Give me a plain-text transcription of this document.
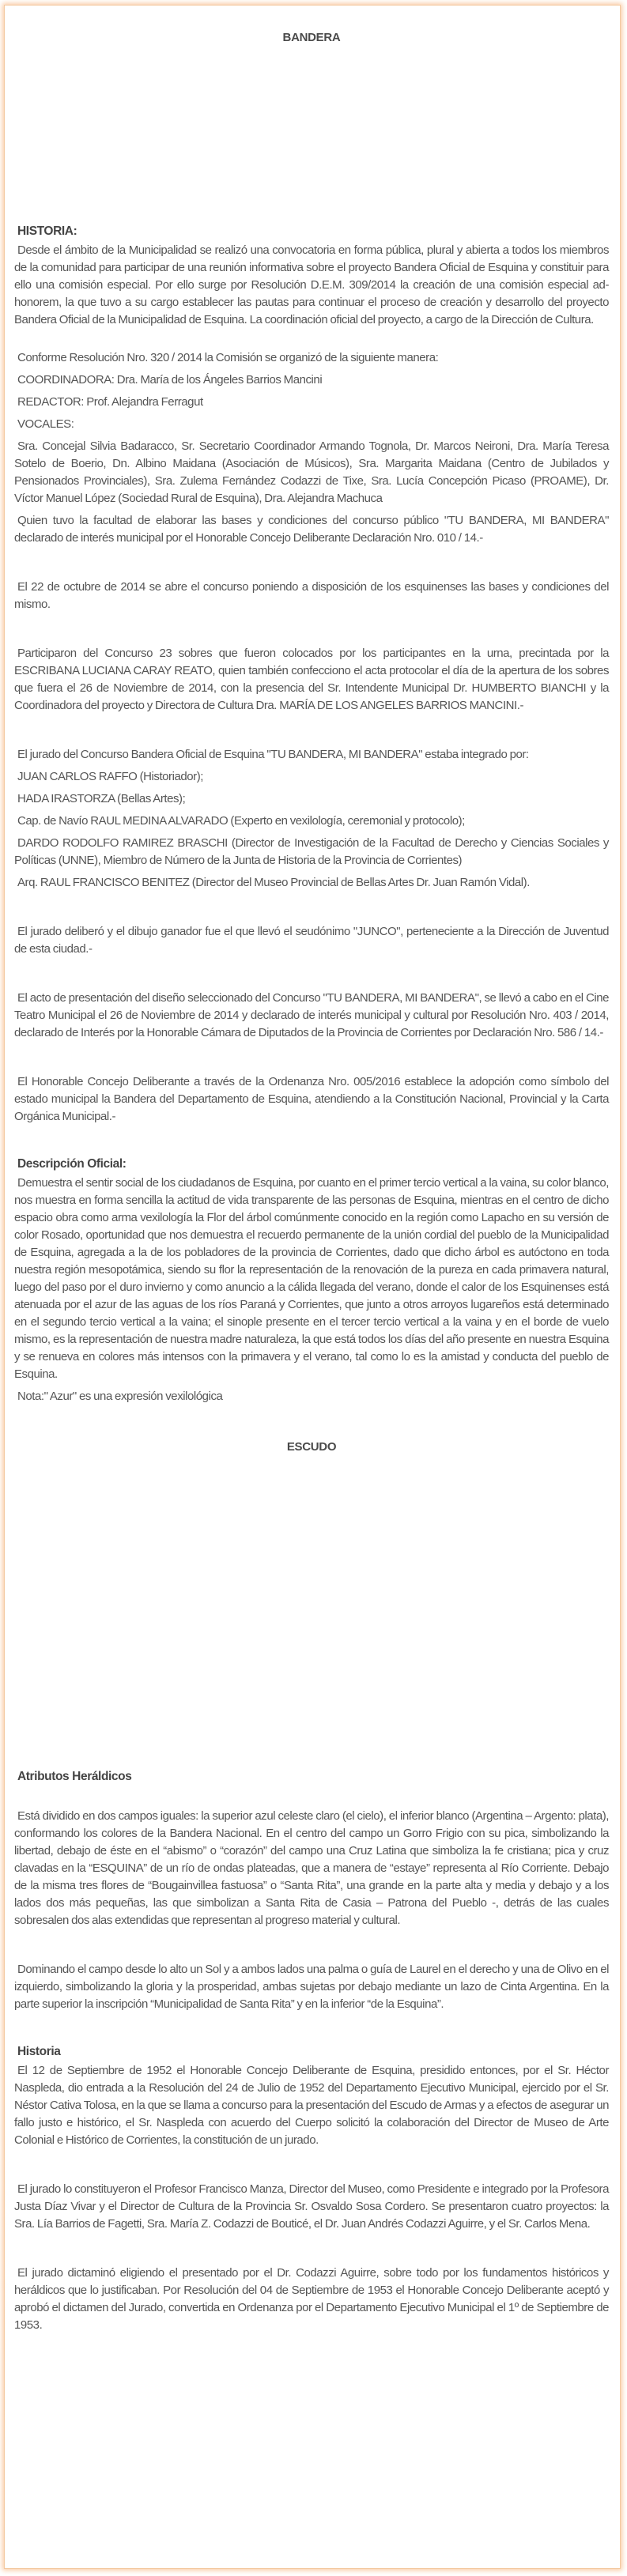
BANDERA
HISTORIA:

Desde el ámbito de la Municipalidad se realizó una convocatoria en forma pública, plural y abierta a todos los miembros de la comunidad para participar de una reunión informativa sobre el proyecto Bandera Oficial de Esquina y constituir para ello una comisión especial. Por ello surge por Resolución D.E.M. 309/2014 la creación de una comisión especial ad-honorem, la que tuvo a su cargo establecer las pautas para continuar el proceso de creación y desarrollo del proyecto Bandera Oficial de la Municipalidad de Esquina. La coordinación oficial del proyecto, a cargo de la Dirección de Cultura.

Conforme Resolución Nro. 320 / 2014 la Comisión se organizó de la siguiente manera:

COORDINADORA: Dra. María de los Ángeles Barrios Mancini

REDACTOR: Prof. Alejandra Ferragut

VOCALES:

Sra. Concejal Silvia Badaracco, Sr. Secretario Coordinador Armando Tognola, Dr. Marcos Neironi, Dra. María Teresa Sotelo de Boerio, Dn. Albino Maidana (Asociación de Músicos), Sra. Margarita Maidana (Centro de Jubilados y Pensionados Provinciales), Sra. Zulema Fernández Codazzi de Tixe, Sra. Lucía Concepción Picaso (PROAME), Dr. Víctor Manuel López (Sociedad Rural de Esquina), Dra. Alejandra Machuca

Quien tuvo la facultad de elaborar las bases y condiciones del concurso público "TU BANDERA, MI BANDERA" declarado de interés municipal por el Honorable Concejo Deliberante Declaración Nro. 010 / 14.-

El 22 de octubre de 2014 se abre el concurso poniendo a disposición de los esquinenses las bases y condiciones del mismo.

Participaron del Concurso 23 sobres que fueron colocados por los participantes en la urna, precintada por la ESCRIBANA LUCIANA CARAY REATO, quien también confecciono el acta protocolar el día de la apertura de los sobres que fuera el 26 de Noviembre de 2014, con la presencia del Sr. Intendente Municipal Dr. HUMBERTO BIANCHI y la Coordinadora del proyecto y Directora de Cultura Dra. MARÍA DE LOS ANGELES BARRIOS MANCINI.-

El jurado del Concurso Bandera Oficial de Esquina "TU BANDERA, MI BANDERA" estaba integrado por:

JUAN CARLOS RAFFO (Historiador);

HADA IRASTORZA (Bellas Artes);

Cap. de Navío RAUL MEDINA ALVARADO (Experto en vexilología, ceremonial y protocolo);

DARDO RODOLFO RAMIREZ BRASCHI (Director de Investigación de la Facultad de Derecho y Ciencias Sociales y Políticas (UNNE), Miembro de Número de la Junta de Historia de la Provincia de Corrientes)

Arq. RAUL FRANCISCO BENITEZ (Director del Museo Provincial de Bellas Artes Dr. Juan Ramón Vidal).

El jurado deliberó y el dibujo ganador fue el que llevó el seudónimo "JUNCO", perteneciente a la Dirección de Juventud de esta ciudad.-

El acto de presentación del diseño seleccionado del Concurso "TU BANDERA, MI BANDERA", se llevó a cabo en el Cine Teatro Municipal el 26 de Noviembre de 2014 y declarado de interés municipal y cultural por Resolución Nro. 403 / 2014, declarado de Interés por la Honorable Cámara de Diputados de la Provincia de Corrientes por Declaración Nro. 586 / 14.-

El Honorable Concejo Deliberante a través de la Ordenanza Nro. 005/2016 establece la adopción como símbolo del estado municipal la Bandera del Departamento de Esquina, atendiendo a la Constitución Nacional, Provincial y la Carta Orgánica Municipal.-

Descripción Oficial:

Demuestra el sentir social de los ciudadanos de Esquina, por cuanto en el primer tercio vertical a la vaina, su color blanco, nos muestra en forma sencilla la actitud de vida transparente de las personas de Esquina, mientras en el centro de dicho espacio obra como arma vexilología la Flor del árbol comúnmente conocido en la región como Lapacho en su versión de color Rosado, oportunidad que nos demuestra el recuerdo permanente de la unión cordial del pueblo de la Municipalidad de Esquina, agregada a la de los pobladores de la provincia de Corrientes, dado que dicho árbol es autóctono en toda nuestra región mesopotámica, siendo su flor la representación de la renovación de la pureza en cada primavera natural, luego del paso por el duro invierno y como anuncio a la cálida llegada del verano, donde el calor de los Esquinenses está atenuada por el azur de las aguas de los ríos Paraná y Corrientes, que junto a otros arroyos lugareños está determinado en el segundo tercio vertical a la vaina; el sinople presente en el tercer tercio vertical a la vaina y en el borde de vuelo mismo, es la representación de nuestra madre naturaleza, la que está todos los días del año presente en nuestra Esquina y se renueva en colores más intensos con la primavera y el verano, tal como lo es la amistad y conducta del pueblo de Esquina.

Nota:" Azur" es una expresión vexilológica

ESCUDO
Atributos Heráldicos

Está dividido en dos campos iguales: la superior azul celeste claro (el cielo), el inferior blanco (Argentina – Argento: plata), conformando los colores de la Bandera Nacional. En el centro del campo un Gorro Frigio con su pica, simbolizando la libertad, debajo de éste en el “abismo” o “corazón” del campo una Cruz Latina que simboliza la fe cristiana; pica y cruz clavadas en la “ESQUINA” de un río de ondas plateadas, que a manera de “estaye” representa al Río Corriente. Debajo de la misma tres flores de “Bougainvillea fastuosa” o “Santa Rita”, una grande en la parte alta y media y debajo y a los lados dos más pequeñas, las que simbolizan a Santa Rita de Casia – Patrona del Pueblo -, detrás de las cuales sobresalen dos alas extendidas que representan al progreso material y cultural.

Dominando el campo desde lo alto un Sol y a ambos lados una palma o guía de Laurel en el derecho y una de Olivo en el izquierdo, simbolizando la gloria y la prosperidad, ambas sujetas por debajo mediante un lazo de Cinta Argentina. En la parte superior la inscripción “Municipalidad de Santa Rita” y en la inferior “de la Esquina”.

Historia

El 12 de Septiembre de 1952 el Honorable Concejo Deliberante de Esquina, presidido entonces, por el Sr. Héctor Naspleda, dio entrada a la Resolución del 24 de Julio de 1952 del Departamento Ejecutivo Municipal, ejercido por el Sr. Néstor Cativa Tolosa, en la que se llama a concurso para la presentación del Escudo de Armas y a efectos de asegurar un fallo justo e histórico, el Sr. Naspleda con acuerdo del Cuerpo solicitó la colaboración del Director de Museo de Arte Colonial e Histórico de Corrientes, la constitución de un jurado.

El jurado lo constituyeron el Profesor Francisco Manza, Director del Museo, como Presidente e integrado por la Profesora Justa Díaz Vivar y el Director de Cultura de la Provincia Sr. Osvaldo Sosa Cordero. Se presentaron cuatro proyectos: la Sra. Lía Barrios de Fagetti, Sra. María Z. Codazzi de Bouticé, el Dr. Juan Andrés Codazzi Aguirre, y el Sr. Carlos Mena.

El jurado dictaminó eligiendo el presentado por el Dr. Codazzi Aguirre, sobre todo por los fundamentos históricos y heráldicos que lo justificaban. Por Resolución del 04 de Septiembre de 1953 el Honorable Concejo Deliberante aceptó y aprobó el dictamen del Jurado, convertida en Ordenanza por el Departamento Ejecutivo Municipal el 1º de Septiembre de 1953.
